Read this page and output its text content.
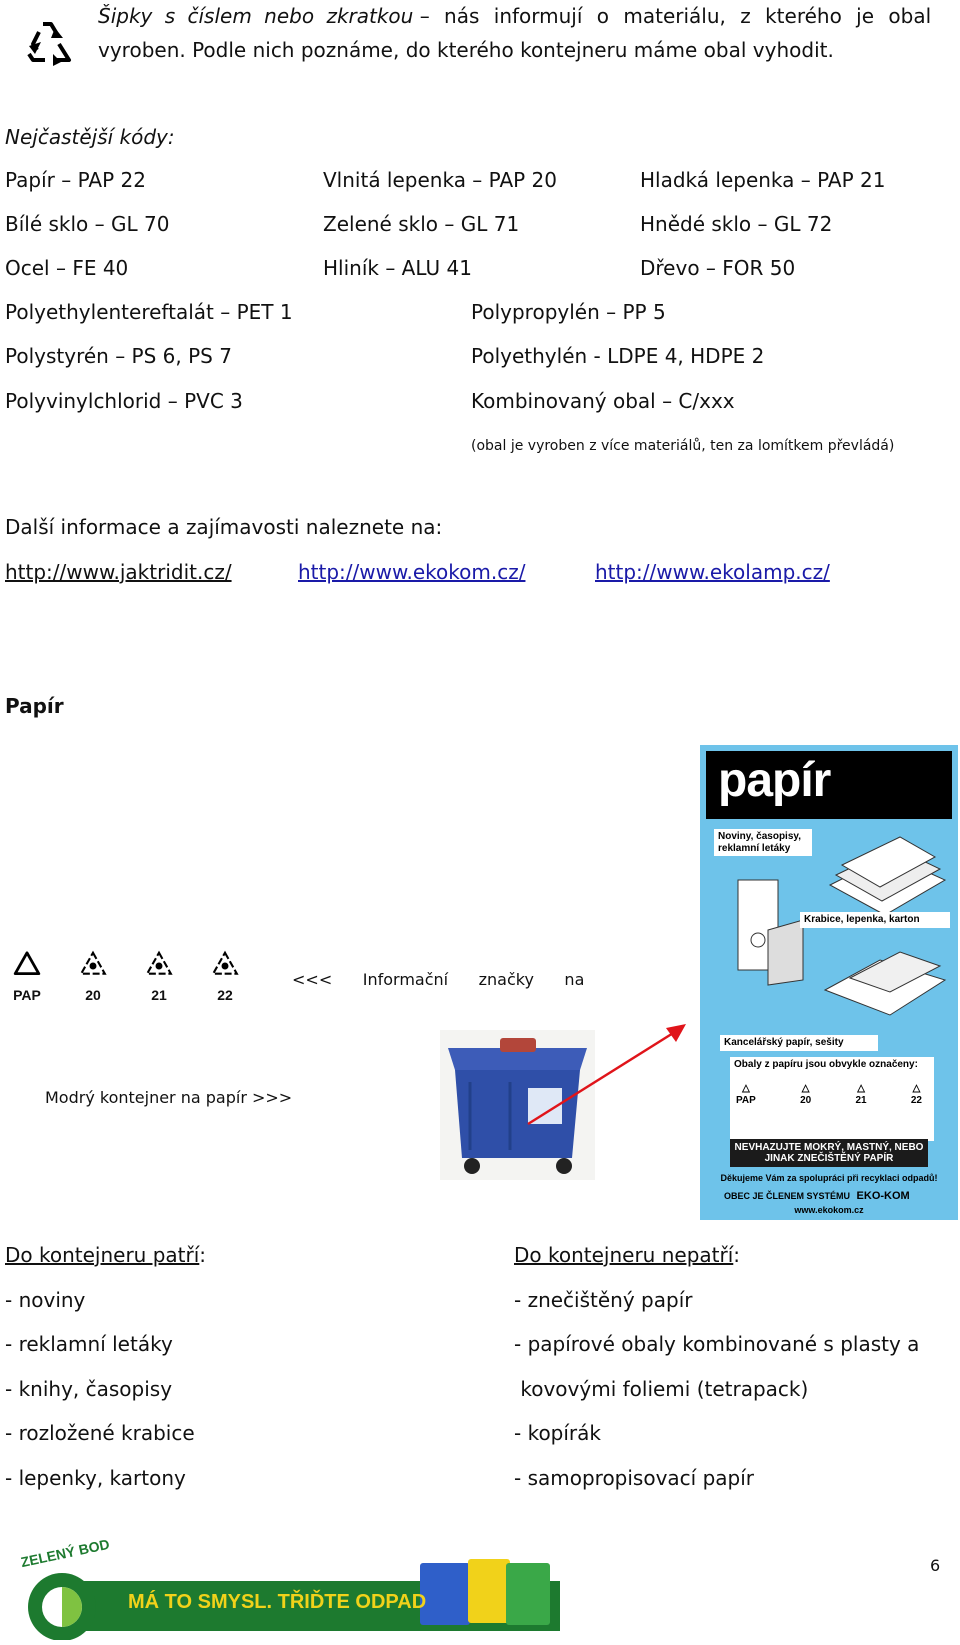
Šipky s číslem nebo zkratkou – nás informují o materiálu, z kterého je obal
vyroben. Podle nich poznáme, do kterého kontejneru máme obal vyhodit.
Nejčastější kódy:
Papír – PAP 22	Vlnitá lepenka – PAP 20	Hladká lepenka – PAP 21
Bílé sklo – GL 70	Zelené sklo – GL 71	Hnědé sklo – GL 72
Ocel – FE 40	Hliník – ALU 41	Dřevo – FOR 50
Polyethylentereftalát – PET 1	Polypropylén – PP 5
Polystyrén – PS 6, PS 7	Polyethylén - LDPE 4, HDPE 2
Polyvinylchlorid – PVC 3	Kombinovaný obal – C/xxx
(obal je vyroben z více materiálů, ten za lomítkem převládá)
Další informace a zajímavosti naleznete na:
http://www.jaktridit.cz/	http://www.ekokom.cz/	http://www.ekolamp.cz/
Papír
PAP	20	21	22
<<<      Informační      značky      na
Modrý kontejner na papír >>>
papír
Noviny, časopisy, reklamní letáky
Krabice, lepenka, karton
Kancelářský papír, sešity
Obaly z papíru jsou obvykle označeny:
△
PAP
△
20
△
21
△
22
NEVHAZUJTE MOKRÝ, MASTNÝ, NEBO JINAK ZNEČIŠTĚNÝ PAPÍR
Děkujeme Vám za spolupráci při recyklaci odpadů!
OBEC JE ČLENEM SYSTÉMU EKO-KOM
www.ekokom.cz
Do kontejneru patří:
- noviny
- reklamní letáky
- knihy, časopisy
- rozložené krabice
- lepenky, kartony
Do kontejneru nepatří:
- znečištěný papír
- papírové obaly kombinované s plasty a
kovovými foliemi (tetrapack)
- kopírák
- samopropisovací papír
ZELENÝ BOD
MÁ TO SMYSL. TŘIĎTE ODPAD
6
